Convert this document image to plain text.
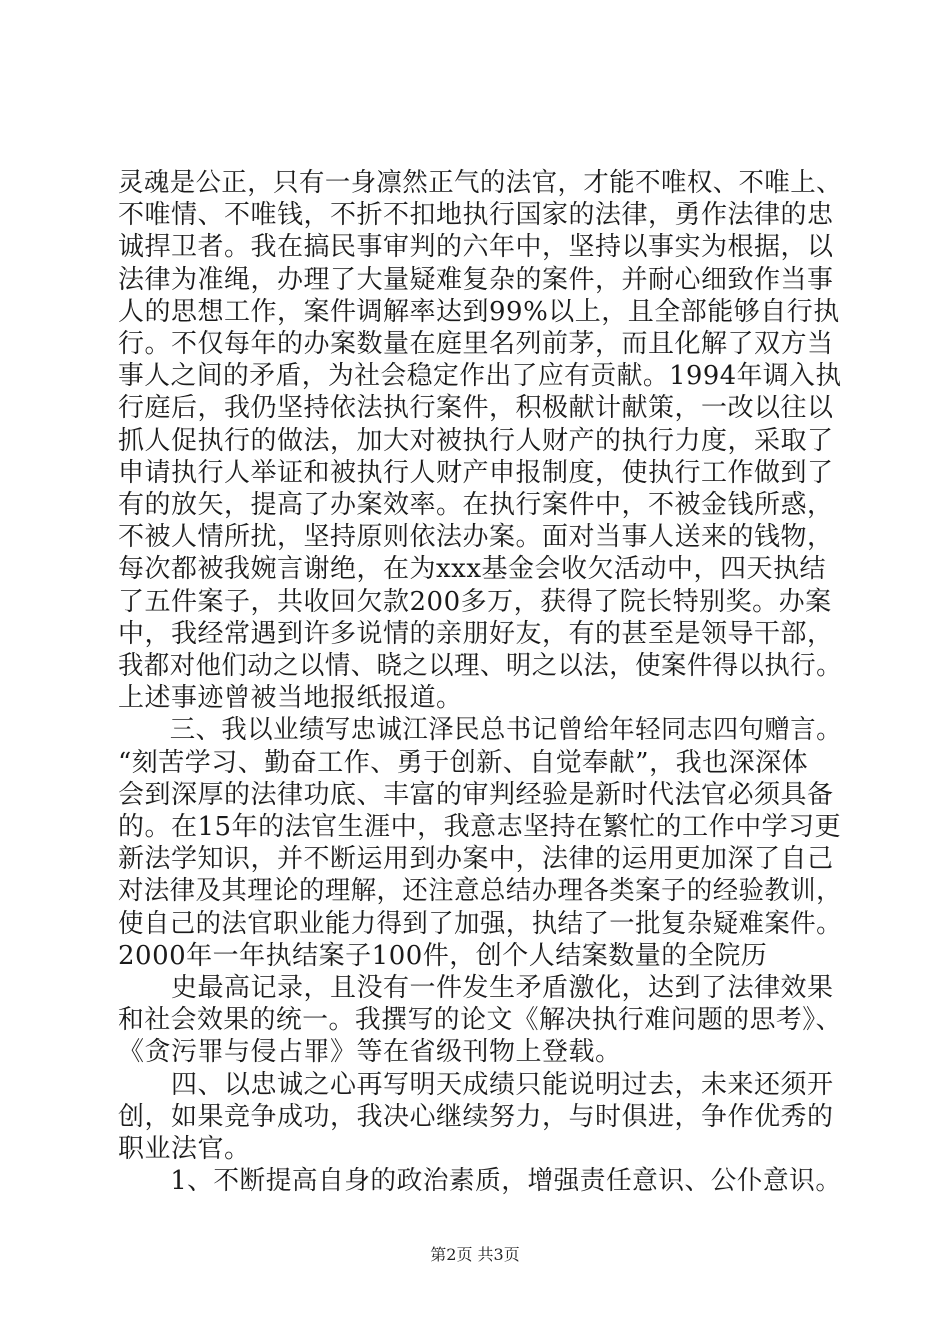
灵魂是公正，只有一身凛然正气的法官，才能不唯权、不唯上、
不唯情、不唯钱，不折不扣地执行国家的法律，勇作法律的忠
诚捍卫者。我在搞民事审判的六年中，坚持以事实为根据，以
法律为准绳，办理了大量疑难复杂的案件，并耐心细致作当事
人的思想工作，案件调解率达到99%以上，且全部能够自行执
行。不仅每年的办案数量在庭里名列前茅，而且化解了双方当
事人之间的矛盾，为社会稳定作出了应有贡献。1994年调入执
行庭后，我仍坚持依法执行案件，积极献计献策，一改以往以
抓人促执行的做法，加大对被执行人财产的执行力度，采取了
申请执行人举证和被执行人财产申报制度，使执行工作做到了
有的放矢，提高了办案效率。在执行案件中，不被金钱所惑，
不被人情所扰，坚持原则依法办案。面对当事人送来的钱物，
每次都被我婉言谢绝，在为xxx基金会收欠活动中，四天执结
了五件案子，共收回欠款200多万，获得了院长特别奖。办案
中，我经常遇到许多说情的亲朋好友，有的甚至是领导干部，
我都对他们动之以情、晓之以理、明之以法，使案件得以执行。
上述事迹曾被当地报纸报道。
　　三、我以业绩写忠诚江泽民总书记曾给年轻同志四句赠言。
“刻苦学习、勤奋工作、勇于创新、自觉奉献”，我也深深体
会到深厚的法律功底、丰富的审判经验是新时代法官必须具备
的。在15年的法官生涯中，我意志坚持在繁忙的工作中学习更
新法学知识，并不断运用到办案中，法律的运用更加深了自己
对法律及其理论的理解，还注意总结办理各类案子的经验教训，
使自己的法官职业能力得到了加强，执结了一批复杂疑难案件。
2000年一年执结案子100件，创个人结案数量的全院历
　　史最高记录，且没有一件发生矛盾激化，达到了法律效果
和社会效果的统一。我撰写的论文《解决执行难问题的思考》、
《贪污罪与侵占罪》等在省级刊物上登载。
　　四、以忠诚之心再写明天成绩只能说明过去，未来还须开
创，如果竞争成功，我决心继续努力，与时俱进，争作优秀的
职业法官。
　　1、不断提高自身的政治素质，增强责任意识、公仆意识。
第2页 共3页
